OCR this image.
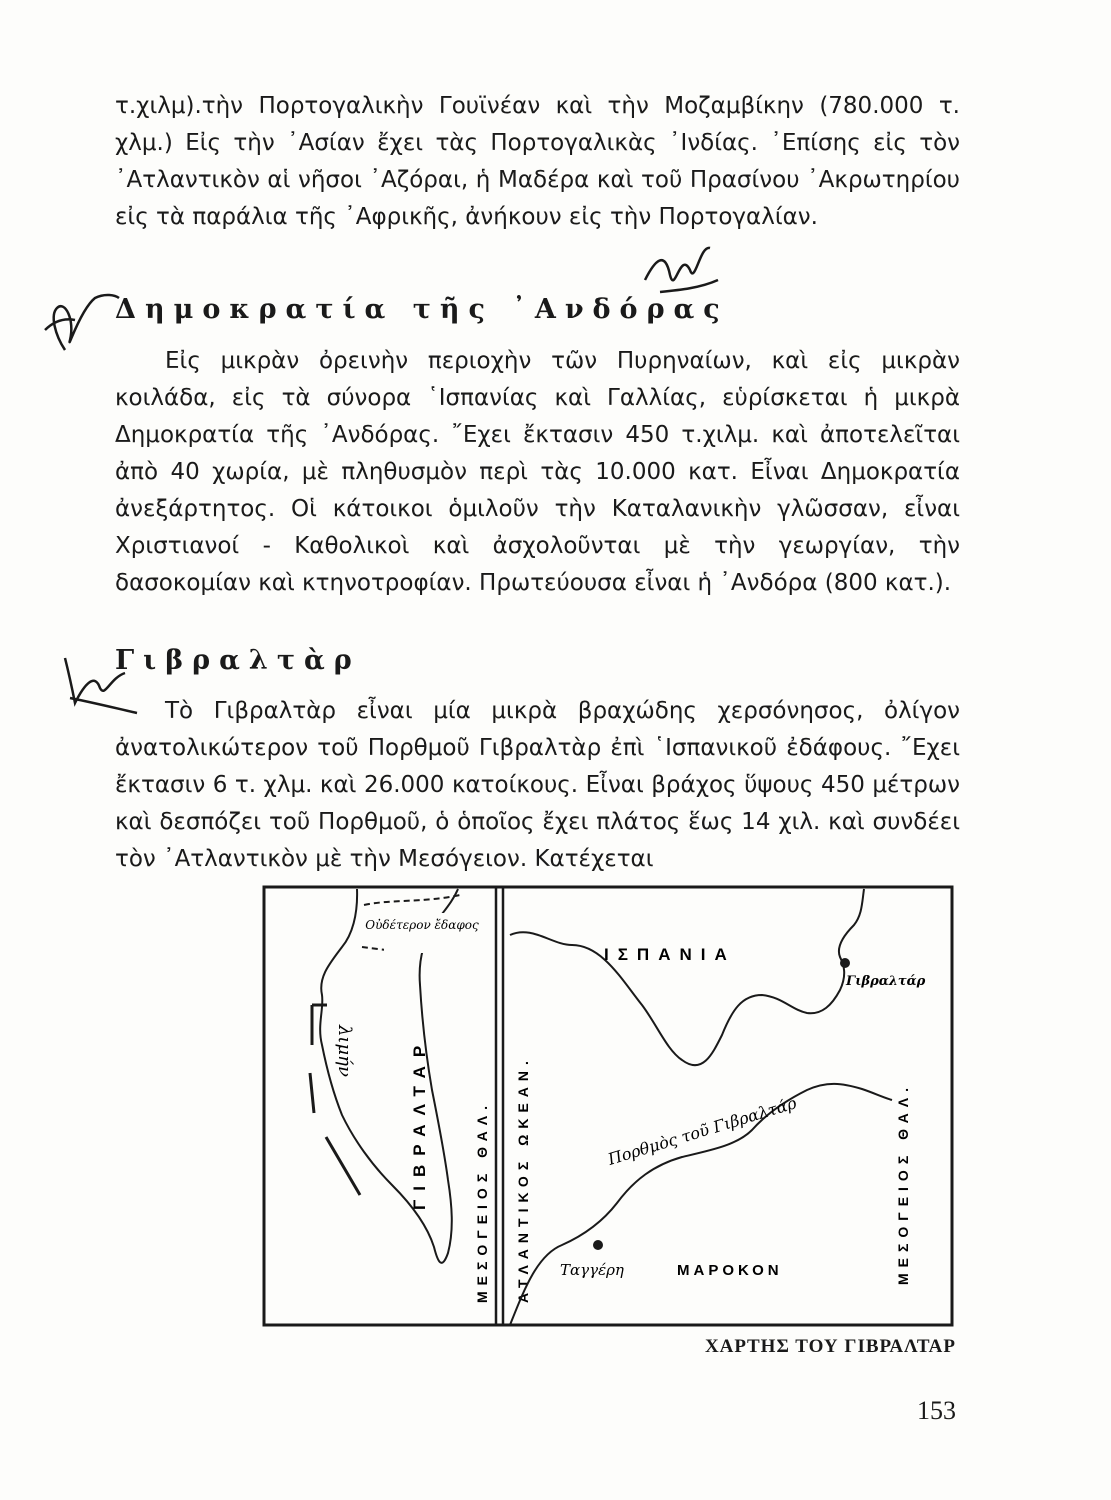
τ.χιλμ).τὴν Πορτογαλικὴν Γουϊνέαν καὶ τὴν Μοζαμβίκην (780.000 τ. χλμ.) Εἰς τὴν ᾿Ασίαν ἔχει τὰς Πορτογαλικὰς ᾿Ινδίας. ᾿Επίσης εἰς τὸν ᾿Ατλαντικὸν αἱ νῆσοι ᾿Αζόραι, ἡ Μαδέρα καὶ τοῦ Πρασίνου ᾿Ακρωτηρίου εἰς τὰ παράλια τῆς ᾿Αφρικῆς, ἀνήκουν εἰς τὴν Πορτογαλίαν.

Δημοκρατία τῆς ᾿Ανδόρας

Εἰς μικρὰν ὀρεινὴν περιοχὴν τῶν Πυρηναίων, καὶ εἰς μικρὰν κοιλάδα, εἰς τὰ σύνορα ῾Ισπανίας καὶ Γαλλίας, εὑρίσκεται ἡ μικρὰ Δημοκρατία τῆς ᾿Ανδόρας. ῎Εχει ἔκτασιν 450 τ.χιλμ. καὶ ἀποτελεῖται ἀπὸ 40 χωρία, μὲ πληθυσμὸν περὶ τὰς 10.000 κατ. Εἶναι Δημοκρατία ἀνεξάρτητος. Οἱ κάτοικοι ὁμιλοῦν τὴν Καταλανικὴν γλῶσσαν, εἶναι Χριστιανοί - Καθολικοὶ καὶ ἀσχολοῦνται μὲ τὴν γεωργίαν, τὴν δασοκομίαν καὶ κτηνοτροφίαν. Πρωτεύουσα εἶναι ἡ ᾿Ανδόρα (800 κατ.).

Γιβραλτὰρ

Τὸ Γιβραλτὰρ εἶναι μία μικρὰ βραχώδης χερσόνησος, ὀλίγον ἀνατολικώτερον τοῦ Πορθμοῦ Γιβραλτὰρ ἐπὶ ῾Ισπανικοῦ ἐδάφους. ῎Εχει ἔκτασιν 6 τ. χλμ. καὶ 26.000 κατοίκους. Εἶναι βράχος ὕψους 450 μέτρων καὶ δεσπόζει τοῦ Πορθμοῦ, ὁ ὁποῖος ἔχει πλάτος ἕως 14 χιλ. καὶ συνδέει τὸν ᾿Ατλαντικὸν μὲ τὴν Μεσόγειον. Κατέχεται

Οὐδέτερον ἔδαφος
λιμήν	ΓΙΒΡΑΛΤΑΡ	ΜΕΣΟΓΕΙΟΣ ΘΑΛ. ΑΤΛΑΝΤΙΚΟΣ ΩΚΕΑΝ.
ΙΣΠΑΝΙΑ
Γιβραλτάρ
Πορθμὸς τοῦ Γιβραλτάρ
Ταγγέρη	ΜΑΡΟΚΟΝ	ΜΕΣΟΓΕΙΟΣ ΘΑΛ.

ΧΑΡΤΗΣ ΤΟΥ ΓΙΒΡΑΛΤΑΡ

153
